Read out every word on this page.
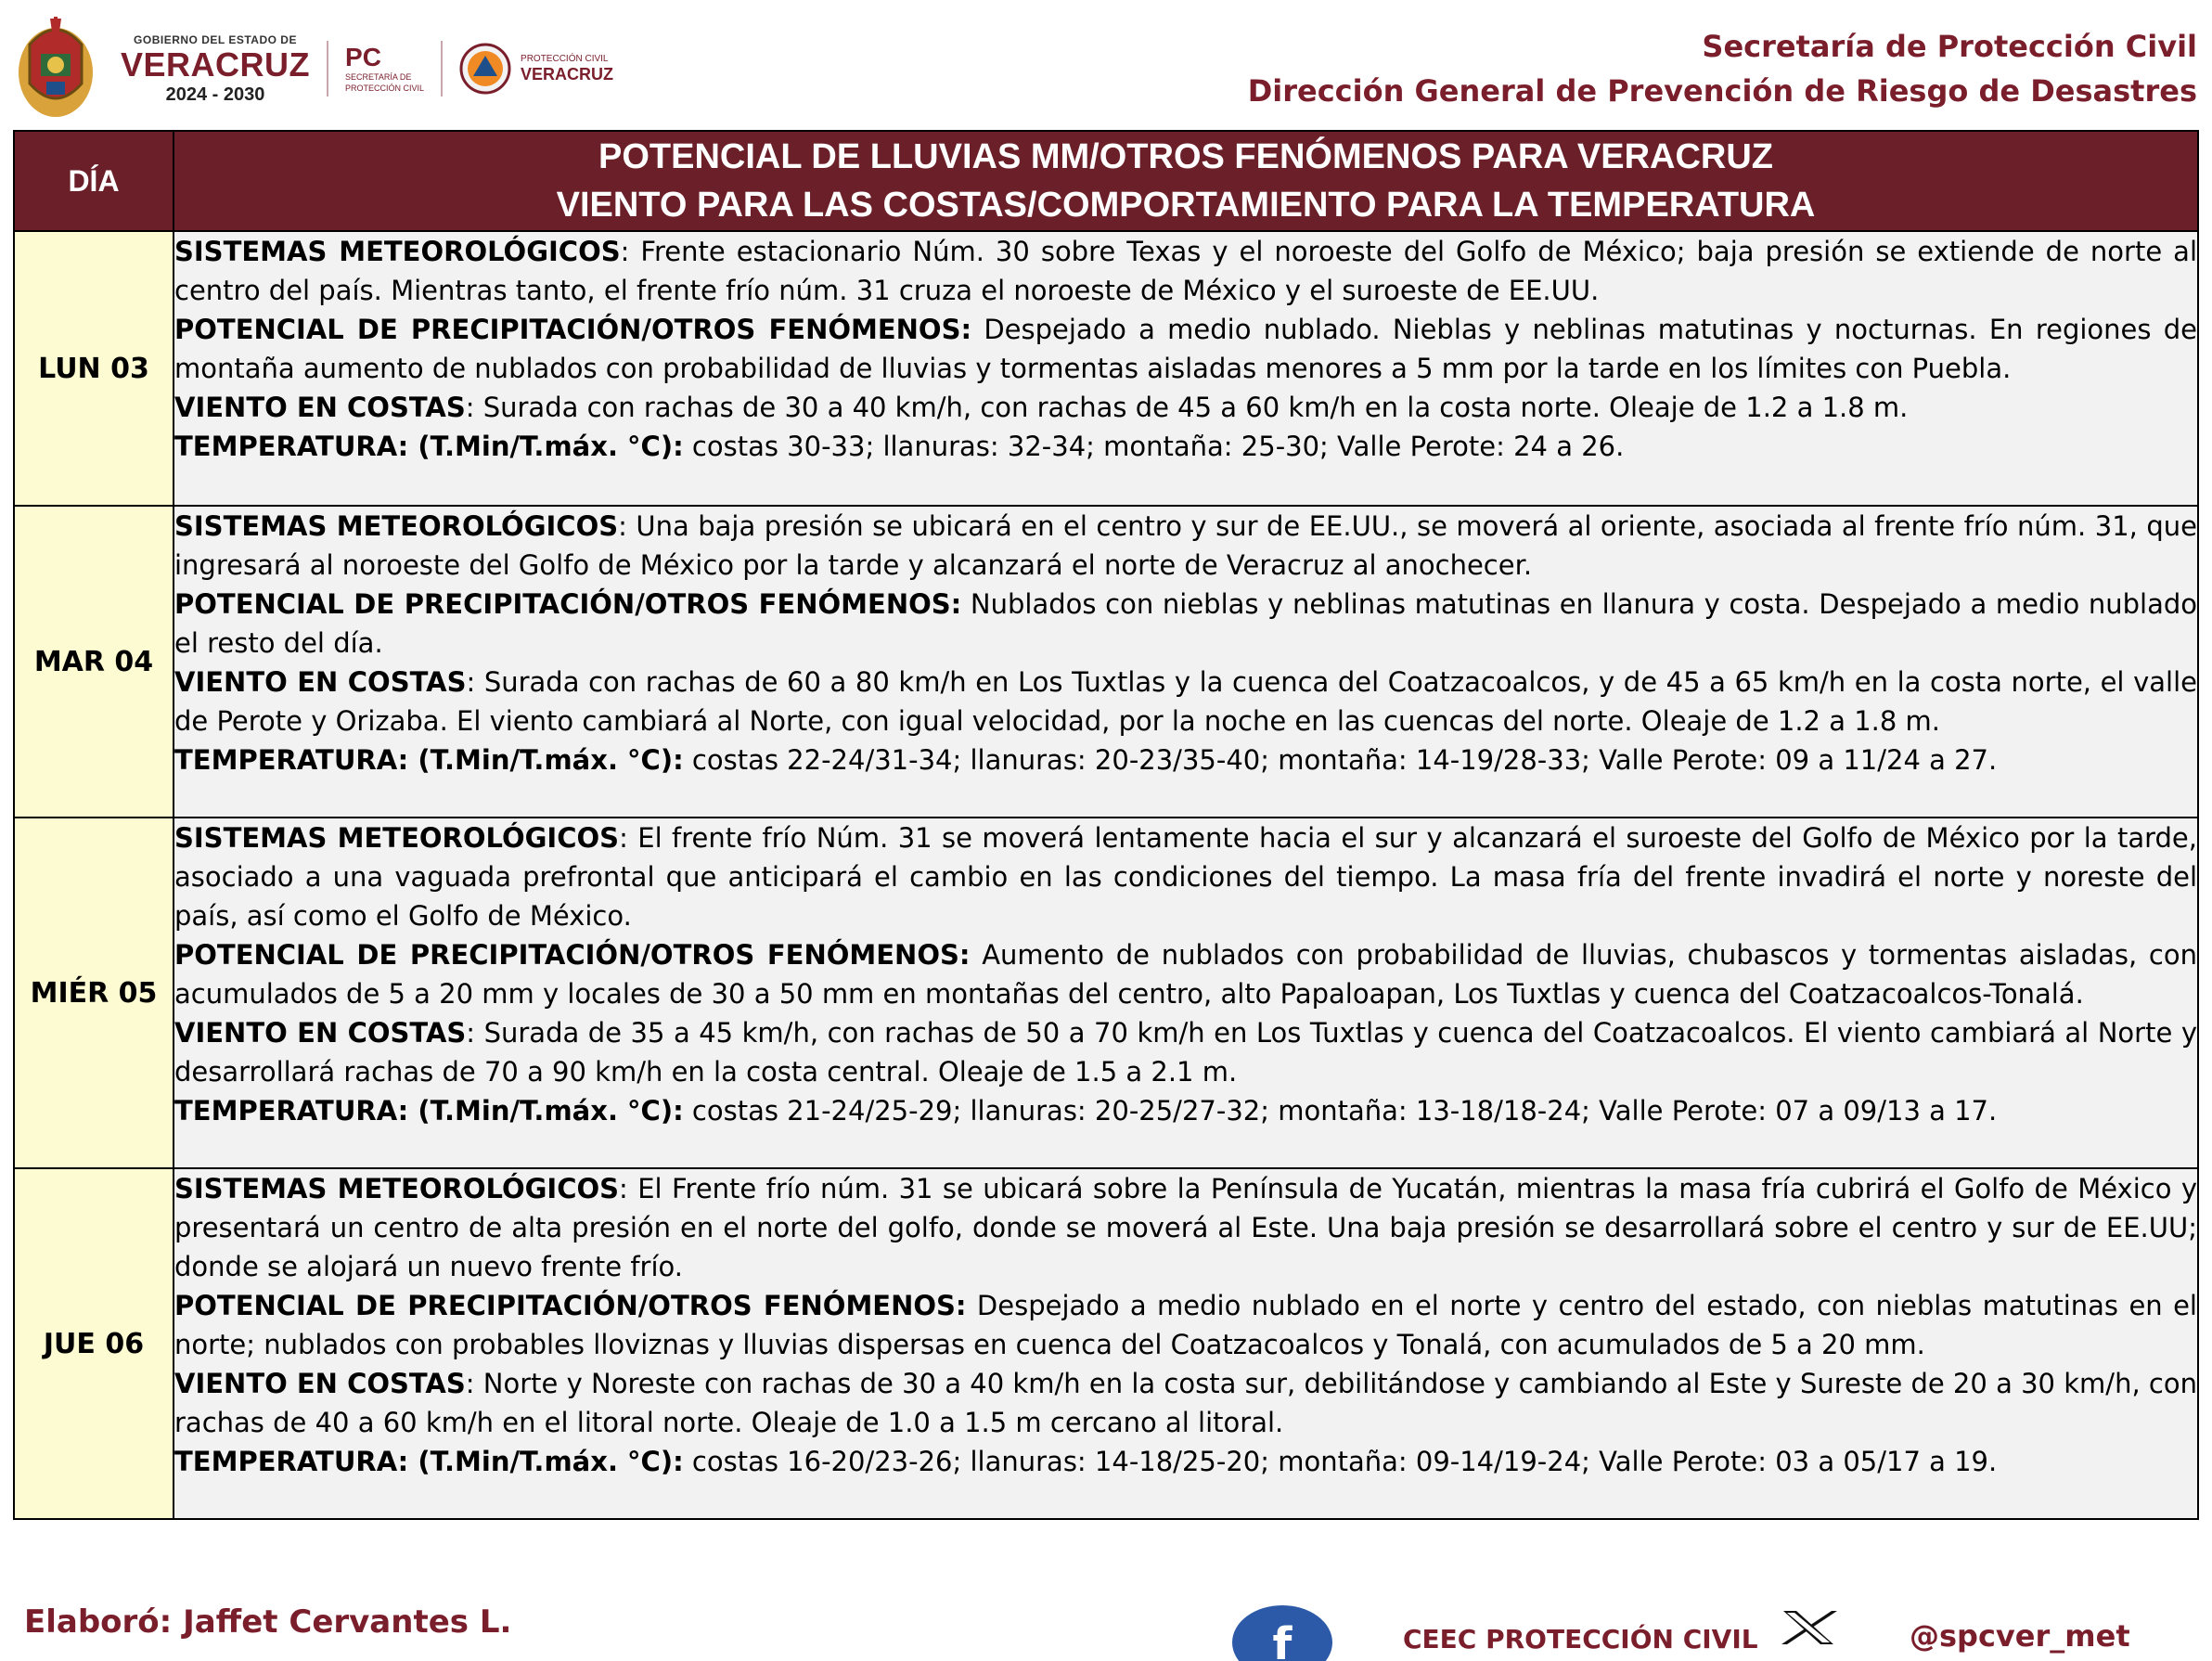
GOBIERNO DEL ESTADO DE
VERACRUZ
2024 - 2030
PC
SECRETARÍA DE
PROTECCIÓN CIVIL
PROTECCIÓN CIVIL
VERACRUZ
Secretaría de Protección Civil
Dirección General de Prevención de Riesgo de Desastres
DÍA	POTENCIAL DE LLUVIAS MM/OTROS FENÓMENOS PARA VERACRUZ
VIENTO PARA LAS COSTAS/COMPORTAMIENTO PARA LA TEMPERATURA

LUN 03	SISTEMAS METEOROLÓGICOS: Frente estacionario Núm. 30 sobre Texas y el noroeste del Golfo de México; baja presión se extiende de norte al centro del país. Mientras tanto, el frente frío núm. 31 cruza el noroeste de México y el suroeste de EE.UU.

POTENCIAL DE PRECIPITACIÓN/OTROS FENÓMENOS: Despejado a medio nublado. Nieblas y neblinas matutinas y nocturnas. En regiones de montaña aumento de nublados con probabilidad de lluvias y tormentas aisladas menores a 5 mm por la tarde en los límites con Puebla.

VIENTO EN COSTAS: Surada con rachas de 30 a 40 km/h, con rachas de 45 a 60 km/h en la costa norte. Oleaje de 1.2 a 1.8 m.

TEMPERATURA: (T.Min/T.máx. °C): costas 30-33; llanuras: 32-34; montaña: 25-30; Valle Perote: 24 a 26.

MAR 04	SISTEMAS METEOROLÓGICOS: Una baja presión se ubicará en el centro y sur de EE.UU., se moverá al oriente, asociada al frente frío núm. 31, que ingresará al noroeste del Golfo de México por la tarde y alcanzará el norte de Veracruz al anochecer.

POTENCIAL DE PRECIPITACIÓN/OTROS FENÓMENOS: Nublados con nieblas y neblinas matutinas en llanura y costa. Despejado a medio nublado el resto del día.

VIENTO EN COSTAS: Surada con rachas de 60 a 80 km/h en Los Tuxtlas y la cuenca del Coatzacoalcos, y de 45 a 65 km/h en la costa norte, el valle de Perote y Orizaba. El viento cambiará al Norte, con igual velocidad, por la noche en las cuencas del norte. Oleaje de 1.2 a 1.8 m.

TEMPERATURA: (T.Min/T.máx. °C): costas 22-24/31-34; llanuras: 20-23/35-40; montaña: 14-19/28-33; Valle Perote: 09 a 11/24 a 27.

MIÉR 05	SISTEMAS METEOROLÓGICOS: El frente frío Núm. 31 se moverá lentamente hacia el sur y alcanzará el suroeste del Golfo de México por la tarde, asociado a una vaguada prefrontal que anticipará el cambio en las condiciones del tiempo. La masa fría del frente invadirá el norte y noreste del país, así como el Golfo de México.

POTENCIAL DE PRECIPITACIÓN/OTROS FENÓMENOS: Aumento de nublados con probabilidad de lluvias, chubascos y tormentas aisladas, con acumulados de 5 a 20 mm y locales de 30 a 50 mm en montañas del centro, alto Papaloapan, Los Tuxtlas y cuenca del Coatzacoalcos-Tonalá.

VIENTO EN COSTAS: Surada de 35 a 45 km/h, con rachas de 50 a 70 km/h en Los Tuxtlas y cuenca del Coatzacoalcos. El viento cambiará al Norte y desarrollará rachas de 70 a 90 km/h en la costa central. Oleaje de 1.5 a 2.1 m.

TEMPERATURA: (T.Min/T.máx. °C): costas 21-24/25-29; llanuras: 20-25/27-32; montaña: 13-18/18-24; Valle Perote: 07 a 09/13 a 17.

JUE 06	SISTEMAS METEOROLÓGICOS: El Frente frío núm. 31 se ubicará sobre la Península de Yucatán, mientras la masa fría cubrirá el Golfo de México y presentará un centro de alta presión en el norte del golfo, donde se moverá al Este. Una baja presión se desarrollará sobre el centro y sur de EE.UU; donde se alojará un nuevo frente frío.

POTENCIAL DE PRECIPITACIÓN/OTROS FENÓMENOS: Despejado a medio nublado en el norte y centro del estado, con nieblas matutinas en el norte; nublados con probables lloviznas y lluvias dispersas en cuenca del Coatzacoalcos y Tonalá, con acumulados de 5 a 20 mm.

VIENTO EN COSTAS: Norte y Noreste con rachas de 30 a 40 km/h en la costa sur, debilitándose y cambiando al Este y Sureste de 20 a 30 km/h, con rachas de 40 a 60 km/h en el litoral norte. Oleaje de 1.0 a 1.5 m cercano al litoral.

TEMPERATURA: (T.Min/T.máx. °C): costas 16-20/23-26; llanuras: 14-18/25-20; montaña: 09-14/19-24; Valle Perote: 03 a 05/17 a 19.

Elaboró: Jaffet Cervantes L.	f	CEEC PROTECCIÓN CIVIL	@spcver_met
